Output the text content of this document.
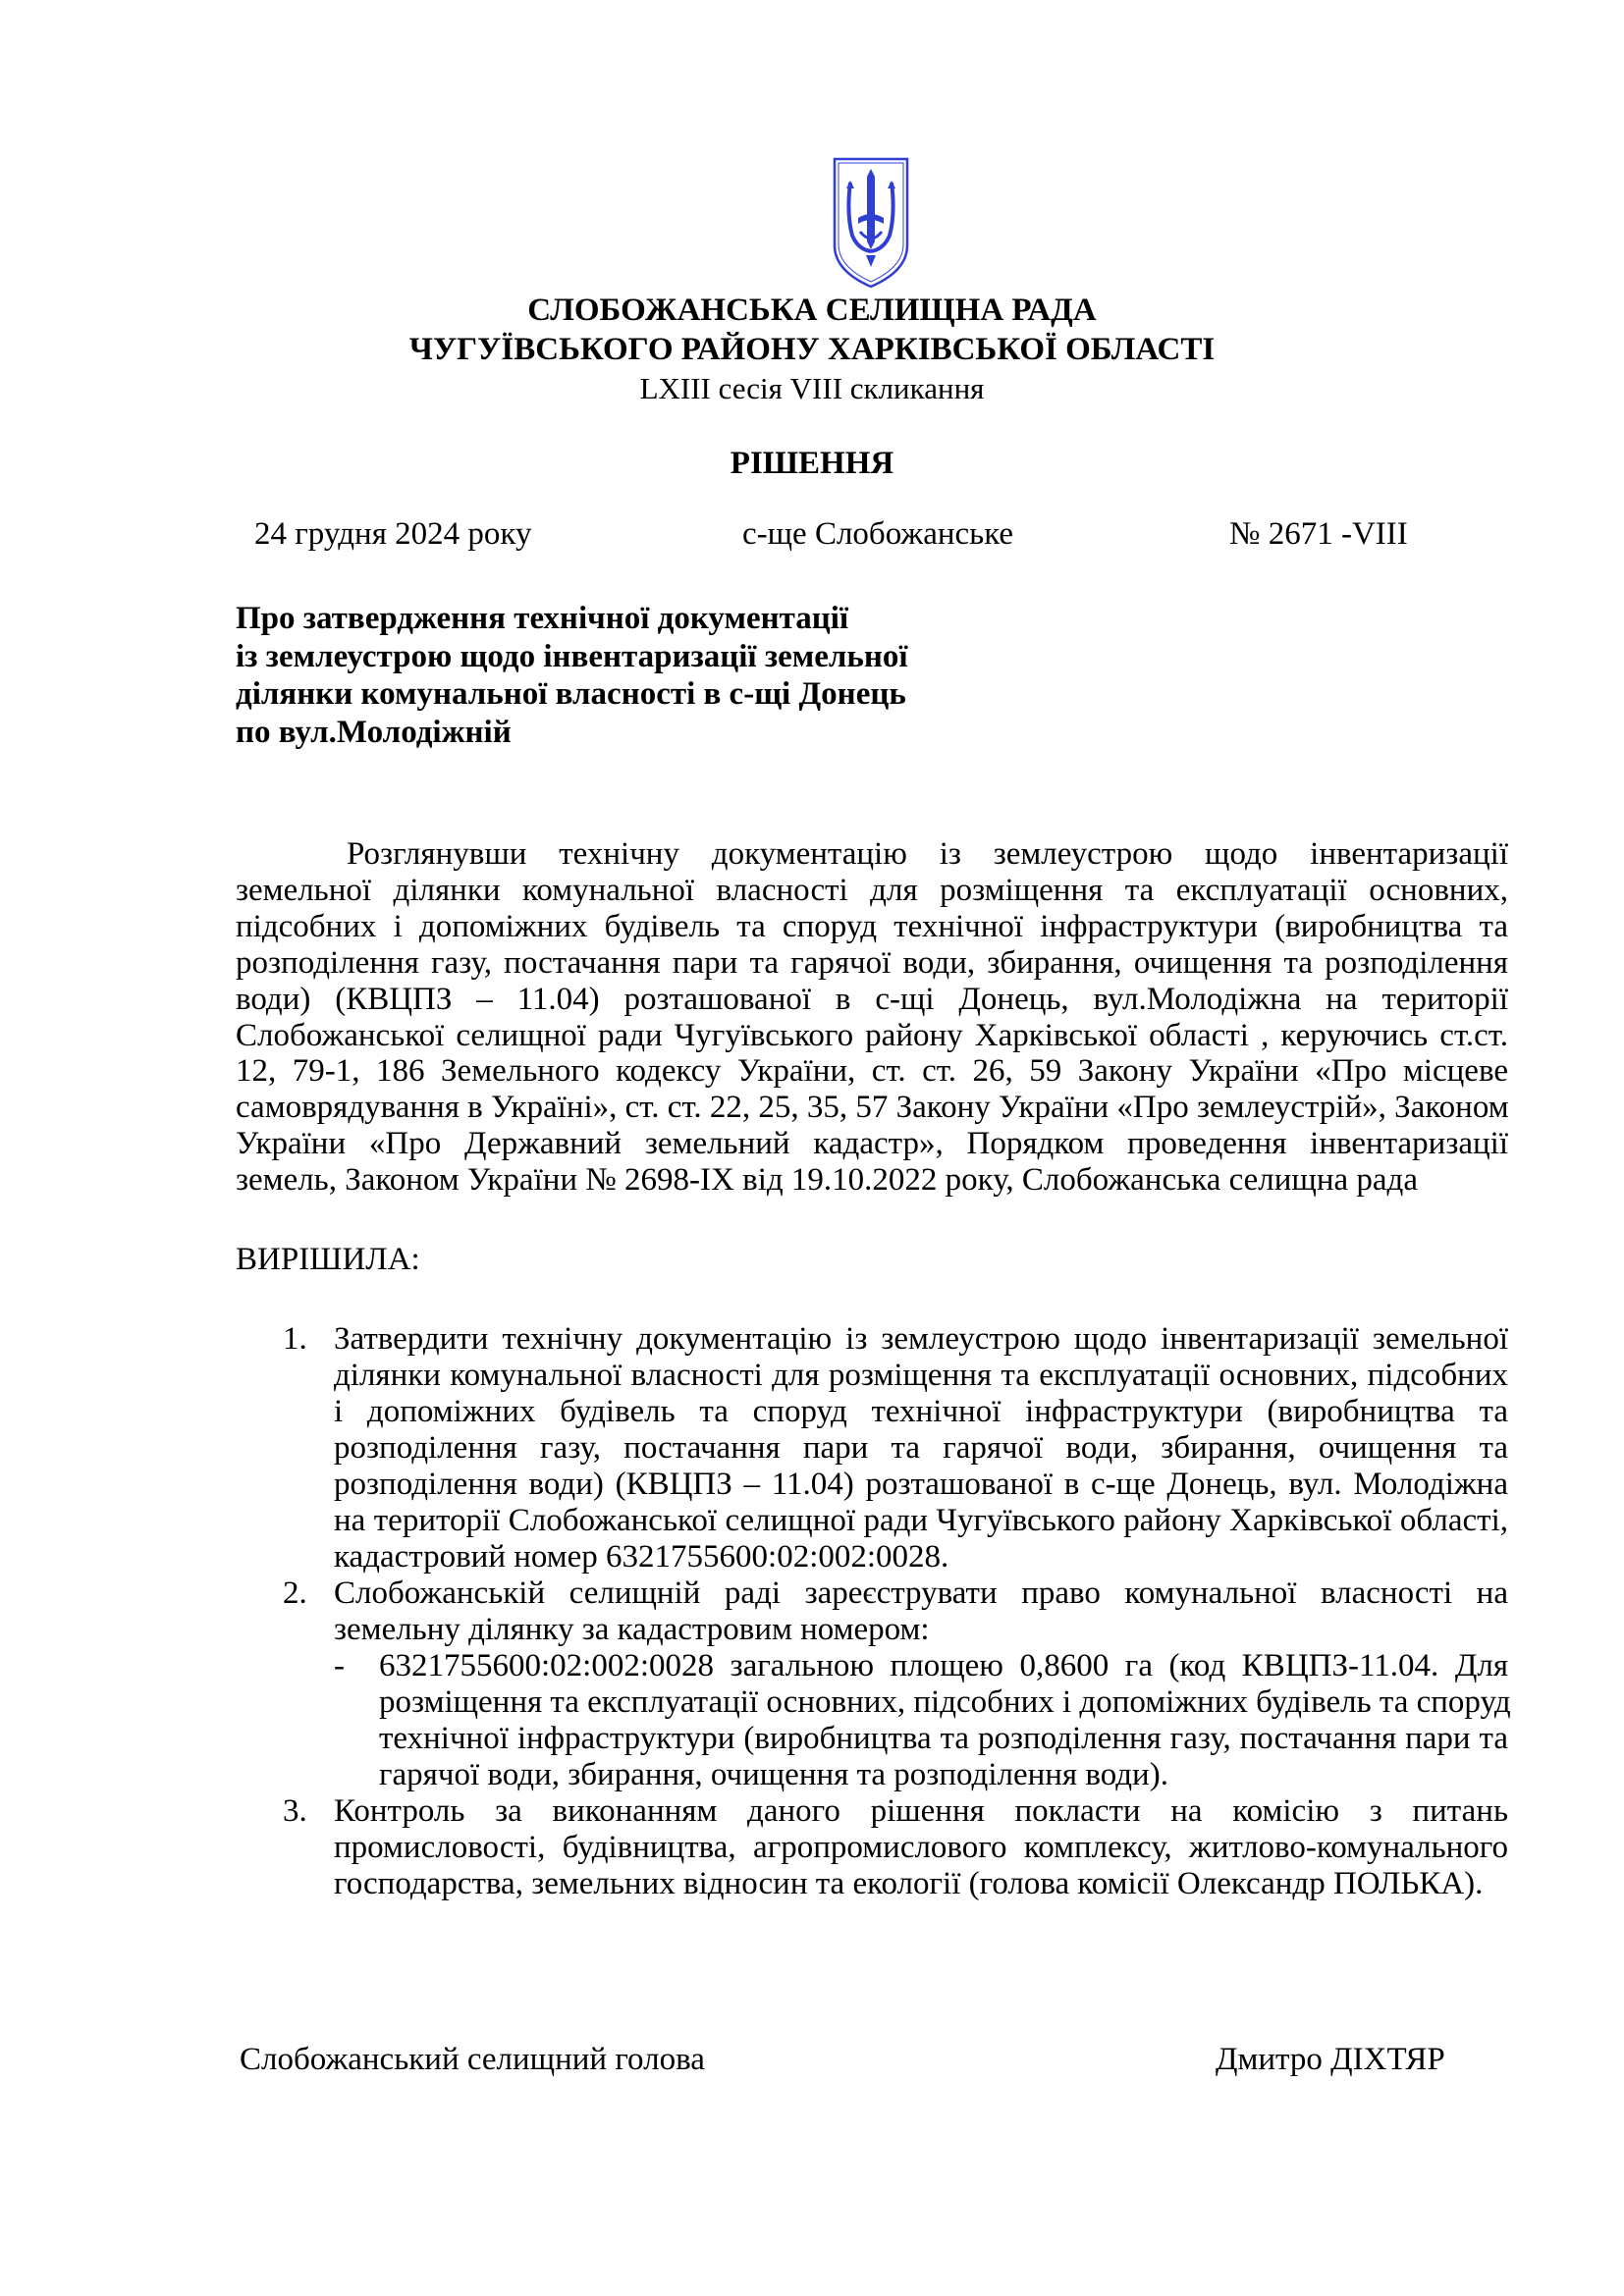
СЛОБОЖАНСЬКА СЕЛИЩНА РАДА

ЧУГУЇВСЬКОГО РАЙОНУ ХАРКІВСЬКОЇ ОБЛАСТІ

LXIII сесія VIII скликання

РІШЕННЯ

24 грудня 2024 року	с-ще Слобожанське	№ 2671 -VIII

Про затвердження технічної документації
із землеустрою щодо інвентаризації земельної
ділянки комунальної власності в с-щі Донець
по вул.Молодіжній

Розглянувши технічну документацію із землеустрою щодо інвентаризації
земельної ділянки комунальної власності для розміщення та експлуатації основних,
підсобних і допоміжних будівель та споруд технічної інфраструктури (виробництва та
розподілення газу, постачання пари та гарячої води, збирання, очищення та розподілення
води) (КВЦПЗ – 11.04) розташованої в с-щі Донець, вул.Молодіжна на території
Слобожанської селищної ради Чугуївського району Харківської області , керуючись ст.ст.
12, 79-1, 186 Земельного кодексу України, ст. ст. 26, 59 Закону України «Про місцеве
самоврядування в Україні», ст. ст. 22, 25, 35, 57 Закону України «Про землеустрій», Законом
України «Про Державний земельний кадастр», Порядком проведення інвентаризації
земель, Законом України № 2698-IX від 19.10.2022 року, Слобожанська селищна рада

ВИРІШИЛА:

1. Затвердити технічну документацію із землеустрою щодо інвентаризації земельної
ділянки комунальної власності для розміщення та експлуатації основних, підсобних
і допоміжних будівель та споруд технічної інфраструктури (виробництва та
розподілення газу, постачання пари та гарячої води, збирання, очищення та
розподілення води) (КВЦПЗ – 11.04) розташованої в с-ще Донець, вул. Молодіжна
на території Слобожанської селищної ради Чугуївського району Харківської області,
кадастровий номер 6321755600:02:002:0028.
2. Слобожанській селищній раді зареєструвати право комунальної власності на
земельну ділянку за кадастровим номером:
- 6321755600:02:002:0028 загальною площею 0,8600 га (код КВЦПЗ-11.04. Для
розміщення та експлуатації основних, підсобних і допоміжних будівель та споруд
технічної інфраструктури (виробництва та розподілення газу, постачання пари та
гарячої води, збирання, очищення та розподілення води).
3. Контроль за виконанням даного рішення покласти на комісію з питань
промисловості, будівництва, агропромислового комплексу, житлово-комунального
господарства, земельних відносин та екології (голова комісії Олександр ПОЛЬКА).

Слобожанський селищний голова	Дмитро ДІХТЯР
